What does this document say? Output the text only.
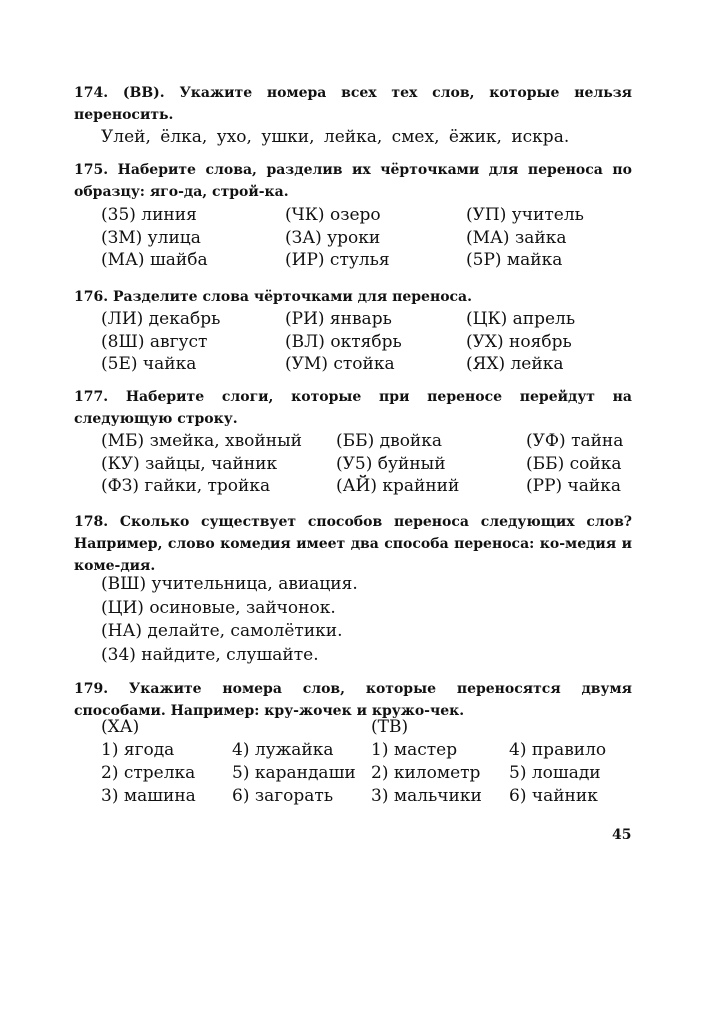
174. (ВВ). Укажите номера всех тех слов, которые нельзя переносить.
Улей, ёлка, ухо, ушки, лейка, смех, ёжик, искра.
175. Наберите слова, разделив их чёрточками для переноса по образцу: яго-да, строй-ка.
(35) линия	(ЧК) озеро	(УП) учитель
(ЗМ) улица	(ЗА) уроки	(МА) зайка
(МА) шайба	(ИР) стулья	(5Р) майка
176. Разделите слова чёрточками для переноса.
(ЛИ) декабрь	(РИ) январь	(ЦК) апрель
(8Ш) август	(ВЛ) октябрь	(УХ) ноябрь
(5Е) чайка	(УМ) стойка	(ЯХ) лейка
177. Наберите слоги, которые при переносе перейдут на следующую строку.
(МБ) змейка, хвойный (ББ) двойка	(УФ) тайна
(КУ) зайцы, чайник	(У5) буйный	(ББ) сойка
(ФЗ) гайки, тройка	(АЙ) крайний	(РР) чайка
178. Сколько существует способов переноса следующих слов? Например, слово комедия имеет два способа переноса: ко-медия и коме-дия.
(ВШ) учительница, авиация.
(ЦИ) осиновые, зайчонок.
(НА) делайте, самолётики.
(34) найдите, слушайте.
179. Укажите номера слов, которые переносятся двумя способами. Например: кру-жочек и кружо-чек.
(ХА)	(ТВ)
1) ягода	4) лужайка 1) мастер	4) правило
2) стрелка 5) карандаши 2) километр 5) лошади
3) машина 6) загорать 3) мальчики 6) чайник
45
